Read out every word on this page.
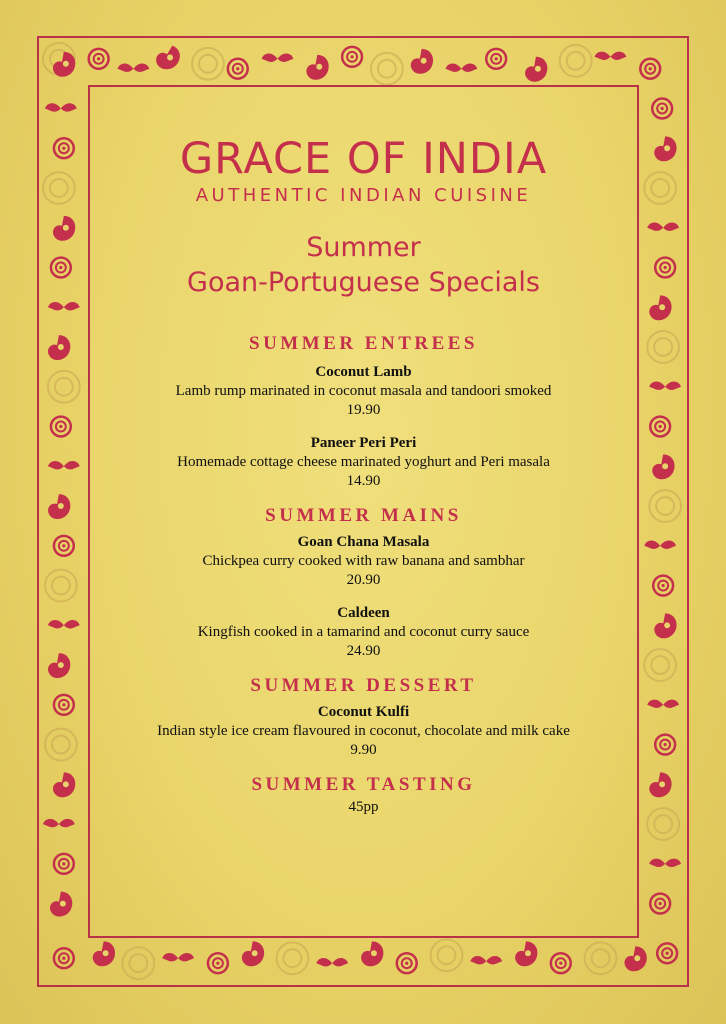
GRACE OF INDIA
AUTHENTIC INDIAN CUISINE
Summer
Goan-Portuguese Specials
SUMMER ENTREES
Coconut Lamb
Lamb rump marinated in coconut masala and tandoori smoked
19.90
Paneer Peri Peri
Homemade cottage cheese marinated yoghurt and Peri masala
14.90
SUMMER MAINS
Goan Chana Masala
Chickpea curry cooked with raw banana and sambhar
20.90
Caldeen
Kingfish cooked in a tamarind and coconut curry sauce
24.90
SUMMER DESSERT
Coconut Kulfi
Indian style ice cream flavoured in coconut, chocolate and milk cake
9.90
SUMMER TASTING
45pp
